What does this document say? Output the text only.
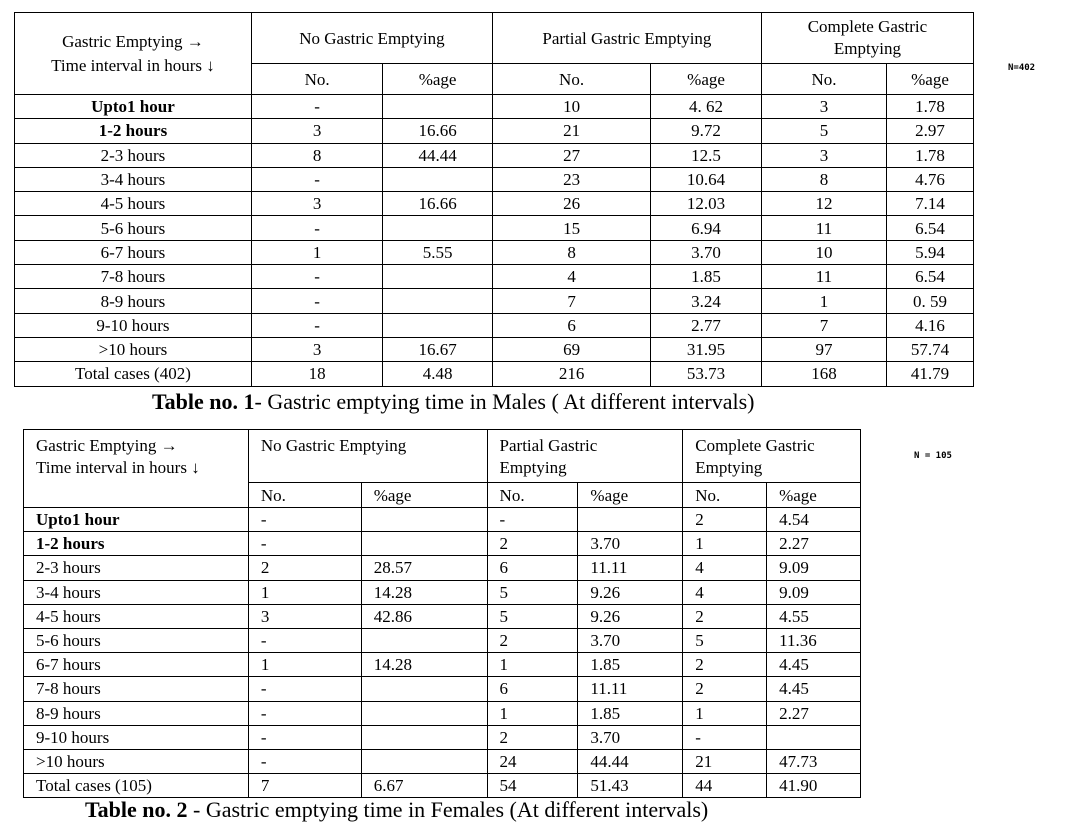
Gastric Emptying →
Time interval in hours ↓	No Gastric Emptying		Partial Gastric Emptying		Complete Gastric Emptying	
	No.	%age	No.	%age	No.	%age
Upto1 hour	-		10	4. 62	3	1.78
1-2 hours	3	16.66	21	9.72	5	2.97
2-3 hours	8	44.44	27	12.5	3	1.78
3-4 hours	-		23	10.64	8	4.76
4-5 hours	3	16.66	26	12.03	12	7.14
5-6 hours	-		15	6.94	11	6.54
6-7 hours	1	5.55	8	3.70	10	5.94
7-8 hours	-		4	1.85	11	6.54
8-9 hours	-		7	3.24	1	0. 59
9-10 hours	-		6	2.77	7	4.16
>10 hours	3	16.67	69	31.95	97	57.74
Total cases (402)	18	4.48	216	53.73	168	41.79
Table no. 1- Gastric emptying time in Males ( At different intervals)
N=402
Gastric Emptying →
Time interval in hours ↓	No Gastric Emptying		Partial Gastric Emptying		Complete Gastric Emptying	
	No.	%age	No.	%age	No.	%age
Upto1 hour	-		-		2	4.54
1-2 hours	-		2	3.70	1	2.27
2-3 hours	2	28.57	6	11.11	4	9.09
3-4 hours	1	14.28	5	9.26	4	9.09
4-5 hours	3	42.86	5	9.26	2	4.55
5-6 hours	-		2	3.70	5	11.36
6-7 hours	1	14.28	1	1.85	2	4.45
7-8 hours	-		6	11.11	2	4.45
8-9 hours	-		1	1.85	1	2.27
9-10 hours	-		2	3.70	-	
>10 hours	-		24	44.44	21	47.73
Total cases (105)	7	6.67	54	51.43	44	41.90
Table no. 2 - Gastric emptying time in Females (At different intervals)
N = 105
